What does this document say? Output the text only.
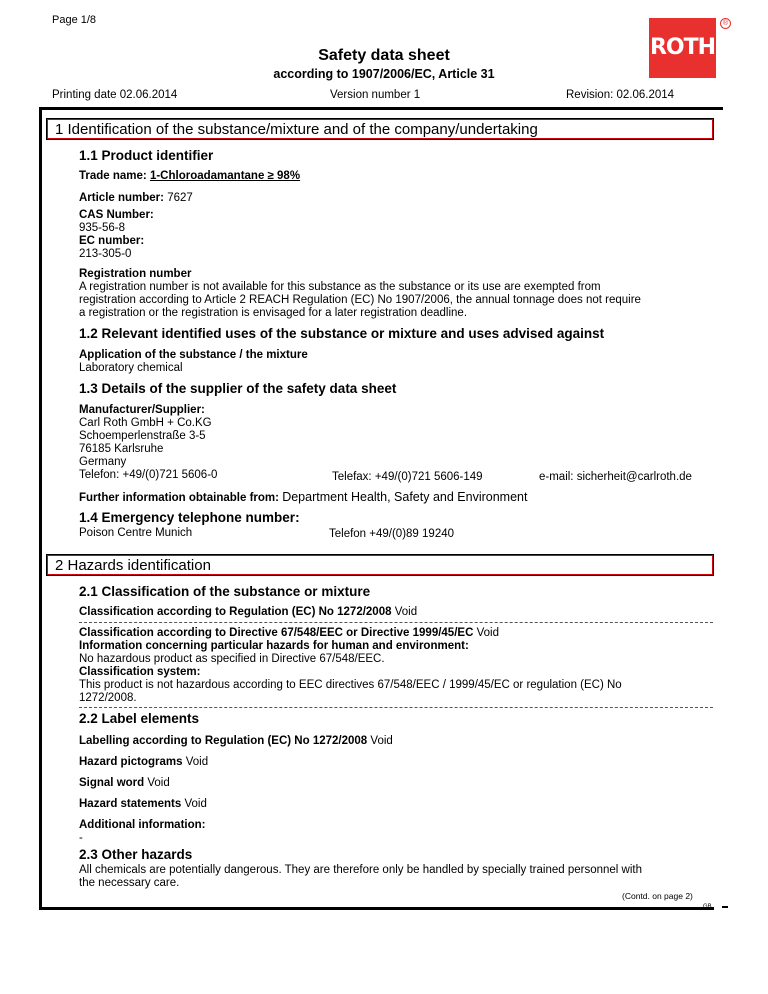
Page 1/8
Safety data sheet
according to 1907/2006/EC, Article 31
ROTH
®
Printing date 02.06.2014	Version number 1	Revision: 02.06.2014
1 Identification of the substance/mixture and of the company/undertaking
1.1 Product identifier
Trade name: 1-Chloroadamantane ≥ 98%
Article number: 7627
CAS Number:
935-56-8
EC number:
213-305-0
Registration number
A registration number is not available for this substance as the substance or its use are exempted from
registration according to Article 2 REACH Regulation (EC) No 1907/2006, the annual tonnage does not require
a registration or the registration is envisaged for a later registration deadline.
1.2 Relevant identified uses of the substance or mixture and uses advised against
Application of the substance / the mixture
Laboratory chemical
1.3 Details of the supplier of the safety data sheet
Manufacturer/Supplier:
Carl Roth GmbH + Co.KG
Schoemperlenstraße 3-5
76185 Karlsruhe
Germany
Telefon: +49/(0)721 5606-0	Telefax: +49/(0)721 5606-149	e-mail: sicherheit@carlroth.de
Further information obtainable from: Department Health, Safety and Environment
1.4 Emergency telephone number:
Poison Centre Munich	Telefon +49/(0)89 19240
2 Hazards identification
2.1 Classification of the substance or mixture
Classification according to Regulation (EC) No 1272/2008 Void
Classification according to Directive 67/548/EEC or Directive 1999/45/EC Void
Information concerning particular hazards for human and environment:
No hazardous product as specified in Directive 67/548/EEC.
Classification system:
This product is not hazardous according to EEC directives 67/548/EEC / 1999/45/EC or regulation (EC) No
1272/2008.
2.2 Label elements
Labelling according to Regulation (EC) No 1272/2008 Void
Hazard pictograms Void
Signal word Void
Hazard statements Void
Additional information:
-
2.3 Other hazards
All chemicals are potentially dangerous. They are therefore only be handled by specially trained personnel with
the necessary care.
(Contd. on page 2)
GB
